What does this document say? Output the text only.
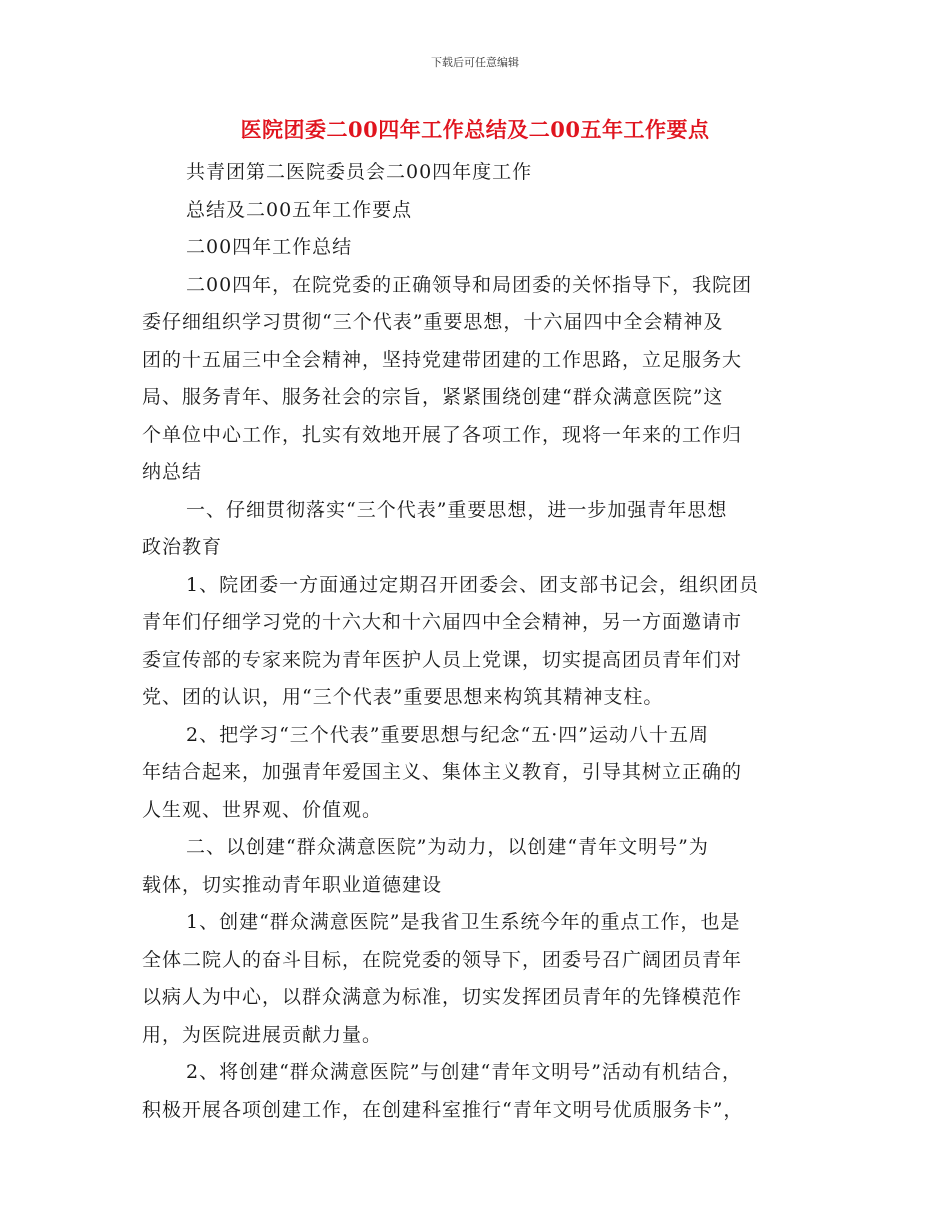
下载后可任意编辑
医院团委二00四年工作总结及二00五年工作要点
共青团第二医院委员会二00四年度工作
总结及二00五年工作要点
二00四年工作总结
二00四年，在院党委的正确领导和局团委的关怀指导下，我院团
委仔细组织学习贯彻“三个代表”重要思想，十六届四中全会精神及
团的十五届三中全会精神，坚持党建带团建的工作思路，立足服务大
局、服务青年、服务社会的宗旨，紧紧围绕创建“群众满意医院”这
个单位中心工作，扎实有效地开展了各项工作，现将一年来的工作归
纳总结
一、仔细贯彻落实“三个代表”重要思想，进一步加强青年思想
政治教育
1、院团委一方面通过定期召开团委会、团支部书记会，组织团员
青年们仔细学习党的十六大和十六届四中全会精神，另一方面邀请市
委宣传部的专家来院为青年医护人员上党课，切实提高团员青年们对
党、团的认识，用“三个代表”重要思想来构筑其精神支柱。
2、把学习“三个代表”重要思想与纪念“五·四”运动八十五周
年结合起来，加强青年爱国主义、集体主义教育，引导其树立正确的
人生观、世界观、价值观。
二、以创建“群众满意医院”为动力，以创建“青年文明号”为
载体，切实推动青年职业道德建设
1、创建“群众满意医院”是我省卫生系统今年的重点工作，也是
全体二院人的奋斗目标，在院党委的领导下，团委号召广阔团员青年
以病人为中心，以群众满意为标准，切实发挥团员青年的先锋模范作
用，为医院进展贡献力量。
2、将创建“群众满意医院”与创建“青年文明号”活动有机结合，
积极开展各项创建工作，在创建科室推行“青年文明号优质服务卡”，
